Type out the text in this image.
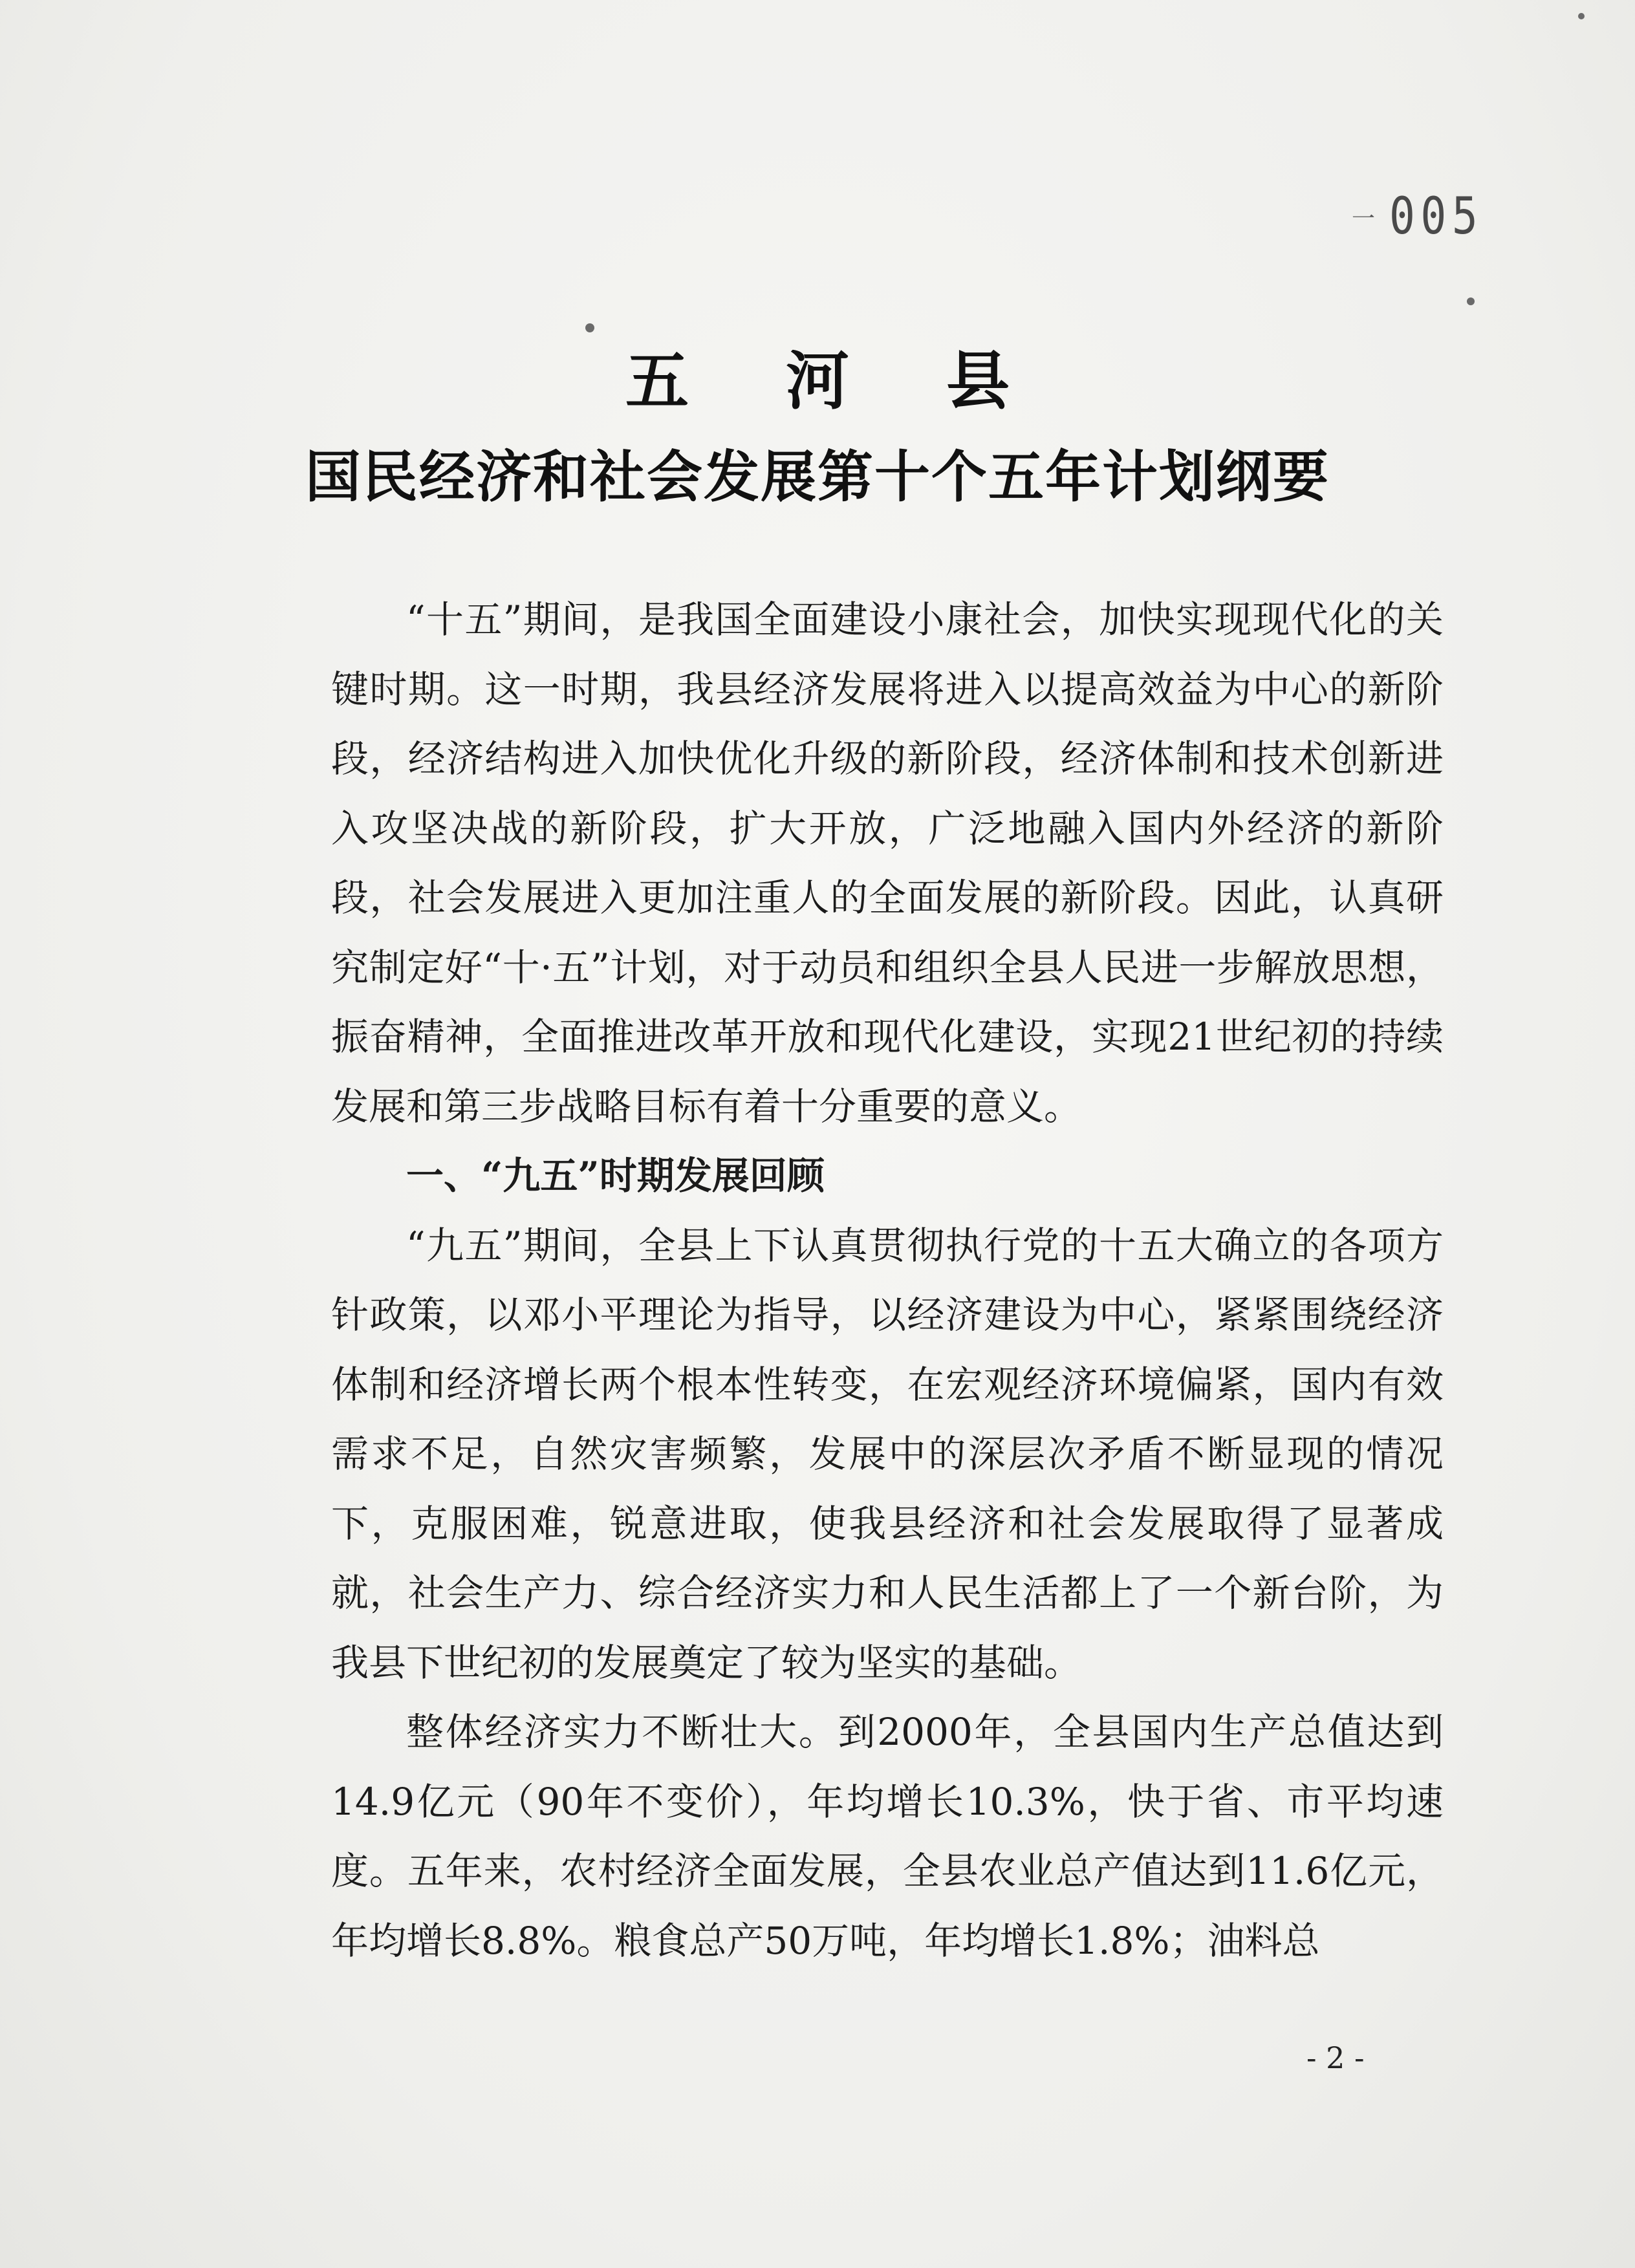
一 005
五河县
国民经济和社会发展第十个五年计划纲要

“十五”期间，是我国全面建设小康社会，加快实现现代化的关键时期。这一时期，我县经济发展将进入以提高效益为中心的新阶段，经济结构进入加快优化升级的新阶段，经济体制和技术创新进入攻坚决战的新阶段，扩大开放，广泛地融入国内外经济的新阶段，社会发展进入更加注重人的全面发展的新阶段。因此，认真研究制定好“十·五”计划，对于动员和组织全县人民进一步解放思想，振奋精神，全面推进改革开放和现代化建设，实现21世纪初的持续发展和第三步战略目标有着十分重要的意义。

一、“九五”时期发展回顾

“九五”期间，全县上下认真贯彻执行党的十五大确立的各项方针政策，以邓小平理论为指导，以经济建设为中心，紧紧围绕经济体制和经济增长两个根本性转变，在宏观经济环境偏紧，国内有效需求不足，自然灾害频繁，发展中的深层次矛盾不断显现的情况下，克服困难，锐意进取，使我县经济和社会发展取得了显著成就，社会生产力、综合经济实力和人民生活都上了一个新台阶，为我县下世纪初的发展奠定了较为坚实的基础。

整体经济实力不断壮大。到2000年，全县国内生产总值达到14.9亿元（90年不变价），年均增长10.3%，快于省、市平均速度。五年来，农村经济全面发展，全县农业总产值达到11.6亿元，年均增长8.8%。粮食总产50万吨，年均增长1.8%；油料总

- 2 -
